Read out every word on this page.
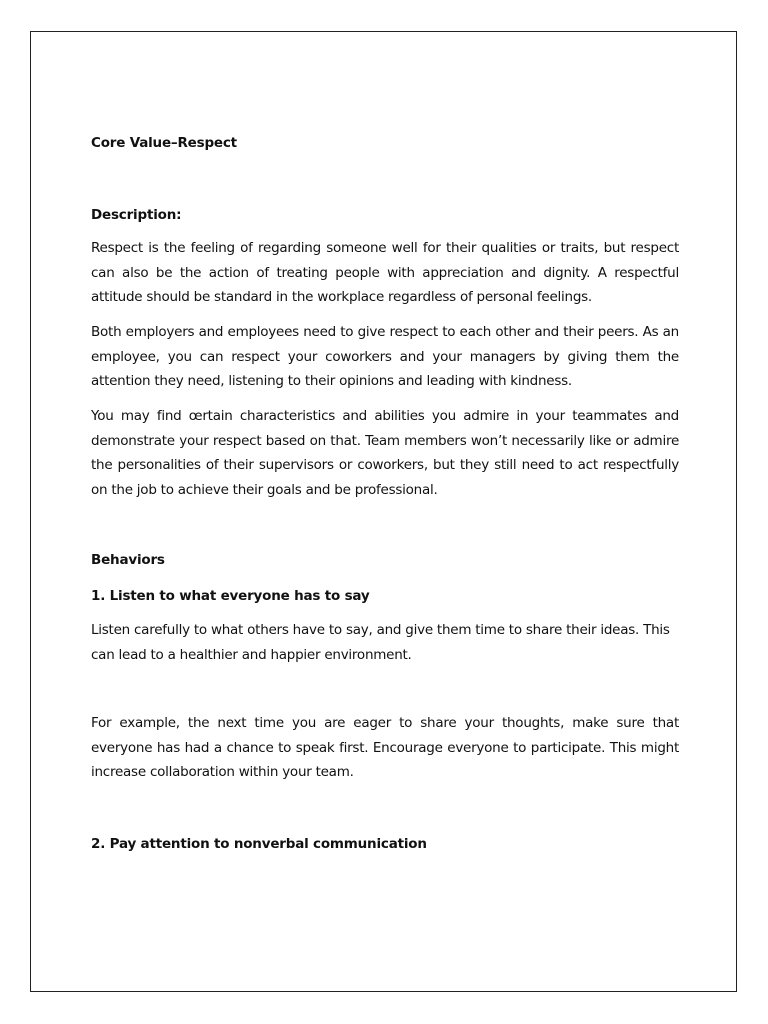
Core Value–Respect

Description:

Respect is the feeling of regarding someone well for their qualities or traits, but respect can also be the action of treating people with appreciation and dignity. A respectful attitude should be standard in the workplace regardless of personal feelings.

Both employers and employees need to give respect to each other and their peers. As an employee, you can respect your coworkers and your managers by giving them the attention they need, listening to their opinions and leading with kindness.

You may find œrtain characteristics and abilities you admire in your teammates and demonstrate your respect based on that. Team members won’t necessarily like or admire the personalities of their supervisors or coworkers, but they still need to act respectfully on the job to achieve their goals and be professional.

Behaviors

1. Listen to what everyone has to say

Listen carefully to what others have to say, and give them time to share their ideas. This can lead to a healthier and happier environment.

For example, the next time you are eager to share your thoughts, make sure that everyone has had a chance to speak first. Encourage everyone to participate. This might increase collaboration within your team.

2. Pay attention to nonverbal communication
